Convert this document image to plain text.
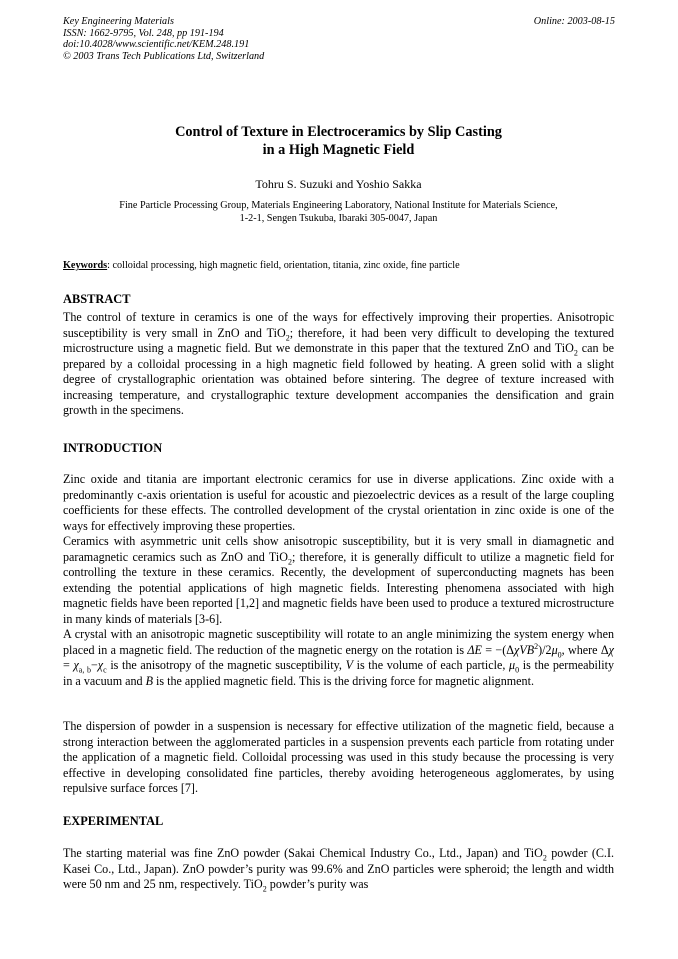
Key Engineering Materials
ISSN: 1662-9795, Vol. 248, pp 191-194
doi:10.4028/www.scientific.net/KEM.248.191
© 2003 Trans Tech Publications Ltd, Switzerland
Online: 2003-08-15
Control of Texture in Electroceramics by Slip Casting
in a High Magnetic Field
Tohru S. Suzuki and Yoshio Sakka
Fine Particle Processing Group, Materials Engineering Laboratory, National Institute for Materials Science,
1-2-1, Sengen Tsukuba, Ibaraki 305-0047, Japan
Keywords: colloidal processing, high magnetic field, orientation, titania, zinc oxide, fine particle
ABSTRACT

The control of texture in ceramics is one of the ways for effectively improving their properties. Anisotropic susceptibility is very small in ZnO and TiO$_2$; therefore, it had been very difficult to developing the textured microstructure using a magnetic field. But we demonstrate in this paper that the textured ZnO and TiO$_2$ can be prepared by a colloidal processing in a high magnetic field followed by heating. A green solid with a slight degree of crystallographic orientation was obtained before sintering. The degree of texture increased with increasing temperature, and crystallographic texture development accompanies the densification and grain growth in the specimens.

INTRODUCTION

Zinc oxide and titania are important electronic ceramics for use in diverse applications. Zinc oxide with a predominantly c-axis orientation is useful for acoustic and piezoelectric devices as a result of the large coupling coefficients for these effects. The controlled development of the crystal orientation in zinc oxide is one of the ways for effectively improving these properties.

Ceramics with asymmetric unit cells show anisotropic susceptibility, but it is very small in diamagnetic and paramagnetic ceramics such as ZnO and TiO$_2$; therefore, it is generally difficult to utilize a magnetic field for controlling the texture in these ceramics. Recently, the development of superconducting magnets has been extending the potential applications of high magnetic fields. Interesting phenomena associated with high magnetic fields have been reported [1,2] and magnetic fields have been used to produce a textured microstructure in many kinds of materials [3-6].

A crystal with an anisotropic magnetic susceptibility will rotate to an angle minimizing the system energy when placed in a magnetic field. The reduction of the magnetic energy on the rotation is $\Delta E = -(\Delta\chi VB^2)/2\mu_0$, where $\Delta\chi = \chi_{a, b}-\chi_c$ is the anisotropy of the magnetic susceptibility, V is the volume of each particle, $\mu_0$ is the permeability in a vacuum and B is the applied magnetic field. This is the driving force for magnetic alignment.

The dispersion of powder in a suspension is necessary for effective utilization of the magnetic field, because a strong interaction between the agglomerated particles in a suspension prevents each particle from rotating under the application of a magnetic field. Colloidal processing was used in this study because the processing is very effective in developing consolidated fine particles, thereby avoiding heterogeneous agglomerates, by using repulsive surface forces [7].

EXPERIMENTAL

The starting material was fine ZnO powder (Sakai Chemical Industry Co., Ltd., Japan) and TiO$_2$ powder (C.I. Kasei Co., Ltd., Japan). ZnO powder’s purity was 99.6% and ZnO particles were spheroid; the length and width were 50 nm and 25 nm, respectively. TiO$_2$ powder’s purity was
